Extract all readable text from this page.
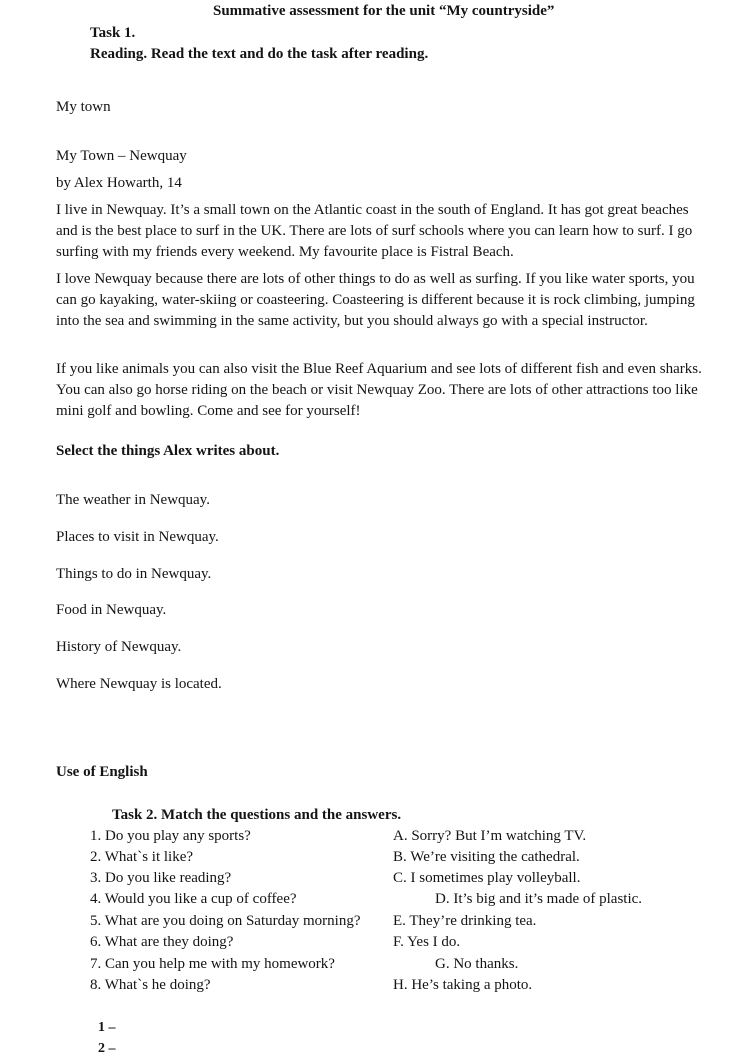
Summative assessment for the unit “My countryside”
Task 1.
Reading. Read the text and do the task after reading.
My town
My Town – Newquay
by Alex Howarth, 14

I live in Newquay. It’s a small town on the Atlantic coast in the south of England. It has got great beaches and is the best place to surf in the UK. There are lots of surf schools where you can learn how to surf. I go surfing with my friends every weekend. My favourite place is Fistral Beach.

I love Newquay because there are lots of other things to do as well as surfing. If you like water sports, you can go kayaking, water-skiing or coasteering. Coasteering is different because it is rock climbing, jumping into the sea and swimming in the same activity, but you should always go with a special instructor.

If you like animals you can also visit the Blue Reef Aquarium and see lots of different fish and even sharks. You can also go horse riding on the beach or visit Newquay Zoo. There are lots of other attractions too like mini golf and bowling. Come and see for yourself!

Select the things Alex writes about.
The weather in Newquay.
Places to visit in Newquay.
Things to do in Newquay.
Food in Newquay.
History of Newquay.
Where Newquay is located.
Use of English
Task 2. Match the questions and the answers.
1. Do you play any sports?
2. What`s it like?
3. Do you like reading?
4. Would you like a cup of coffee?
5. What are you doing on Saturday morning?
6. What are they doing?
7. Can you help me with my homework?
8. What`s he doing?
A. Sorry? But I’m watching TV.
B. We’re visiting the cathedral.
C. I sometimes play volleyball.
D. It’s big and it’s made of plastic.
E. They’re drinking tea.
F. Yes I do.
G. No thanks.
H. He’s taking a photo.
1 –
2 –
